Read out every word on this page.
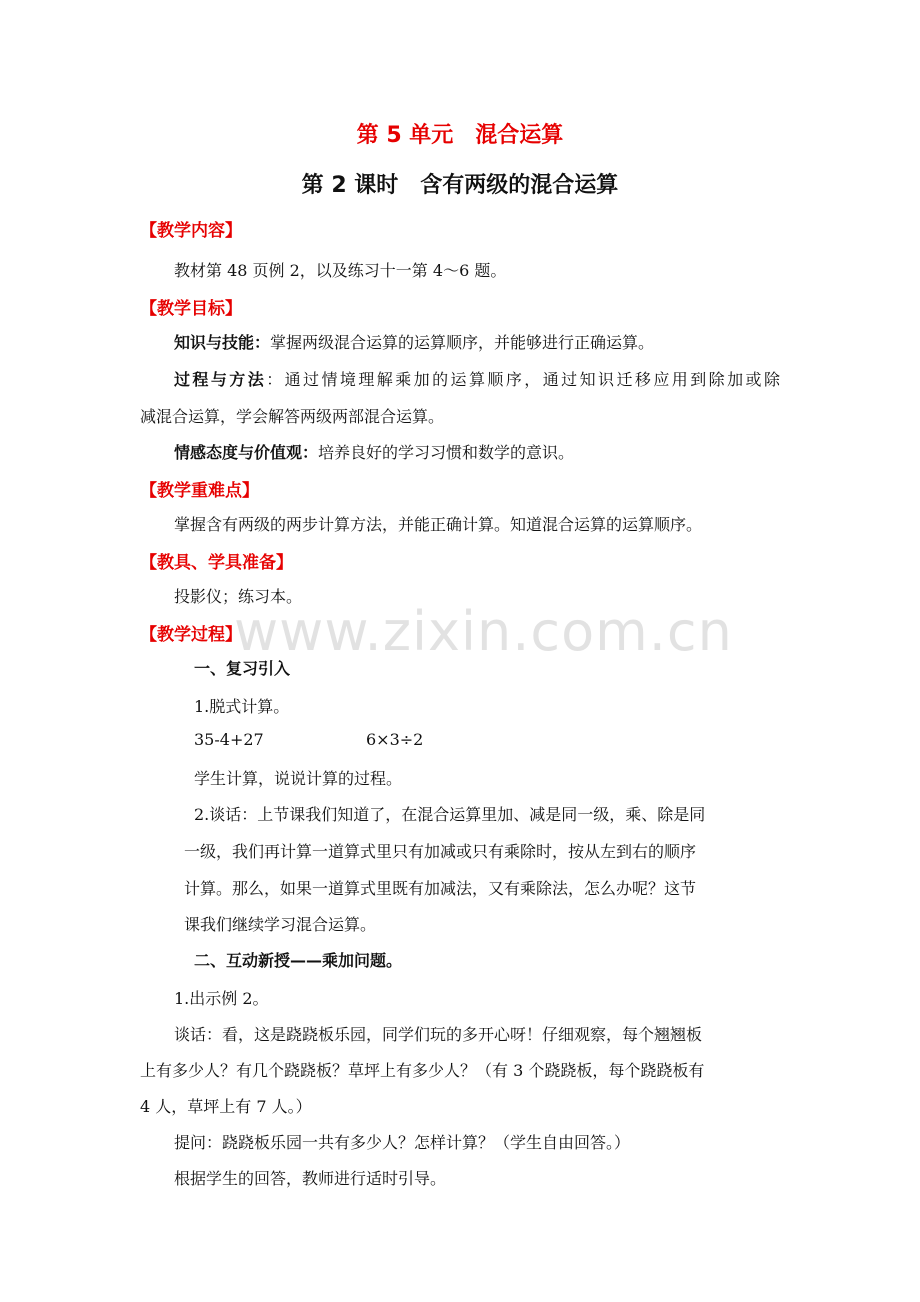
www.zixin.com.cn
第 5 单元　混合运算
第 2 课时　含有两级的混合运算
【教学内容】
教材第 48 页例 2，以及练习十一第 4～6 题。
【教学目标】
知识与技能：掌握两级混合运算的运算顺序，并能够进行正确运算。
过程与方法：通过情境理解乘加的运算顺序，通过知识迁移应用到除加或除
减混合运算，学会解答两级两部混合运算。
情感态度与价值观：培养良好的学习习惯和数学的意识。
【教学重难点】
掌握含有两级的两步计算方法，并能正确计算。知道混合运算的运算顺序。
【教具、学具准备】
投影仪；练习本。
【教学过程】
一、复习引入
1.脱式计算。
35-4+27	6×3÷2
学生计算，说说计算的过程。
2.谈话：上节课我们知道了，在混合运算里加、减是同一级，乘、除是同
一级，我们再计算一道算式里只有加减或只有乘除时，按从左到右的顺序
计算。那么，如果一道算式里既有加减法，又有乘除法，怎么办呢？这节
课我们继续学习混合运算。
二、互动新授——乘加问题。
1.出示例 2。
谈话：看，这是跷跷板乐园，同学们玩的多开心呀！仔细观察，每个翘翘板
上有多少人？有几个跷跷板？草坪上有多少人？（有 3 个跷跷板，每个跷跷板有
4 人，草坪上有 7 人。）
提问：跷跷板乐园一共有多少人？怎样计算？（学生自由回答。）
根据学生的回答，教师进行适时引导。
